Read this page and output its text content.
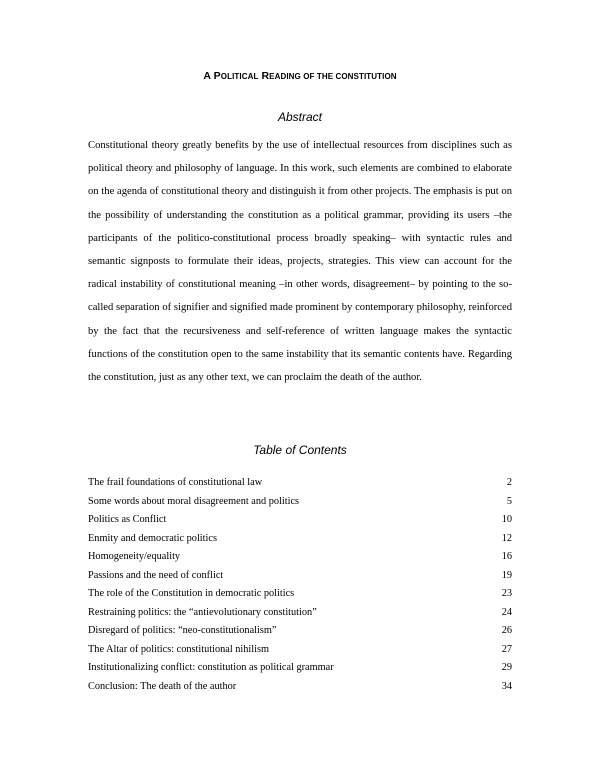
A POLITICAL READING OF THE CONSTITUTION
Abstract
Constitutional theory greatly benefits by the use of intellectual resources from disciplines such as political theory and philosophy of language. In this work, such elements are combined to elaborate on the agenda of constitutional theory and distinguish it from other projects. The emphasis is put on the possibility of understanding the constitution as a political grammar, providing its users –the participants of the politico-constitutional process broadly speaking– with syntactic rules and semantic signposts to formulate their ideas, projects, strategies. This view can account for the radical instability of constitutional meaning –in other words, disagreement– by pointing to the so-called separation of signifier and signified made prominent by contemporary philosophy, reinforced by the fact that the recursiveness and self-reference of written language makes the syntactic functions of the constitution open to the same instability that its semantic contents have. Regarding the constitution, just as any other text, we can proclaim the death of the author.
Table of Contents
The frail foundations of constitutional law	2
Some words about moral disagreement and politics	5
Politics as Conflict	10
Enmity and democratic politics	12
Homogeneity/equality	16
Passions and the need of conflict	19
The role of the Constitution in democratic politics	23
Restraining politics: the “antievolutionary constitution”	24
Disregard of politics: “neo-constitutionalism”	26
The Altar of politics: constitutional nihilism	27
Institutionalizing conflict: constitution as political grammar	29
Conclusion: The death of the author	34
